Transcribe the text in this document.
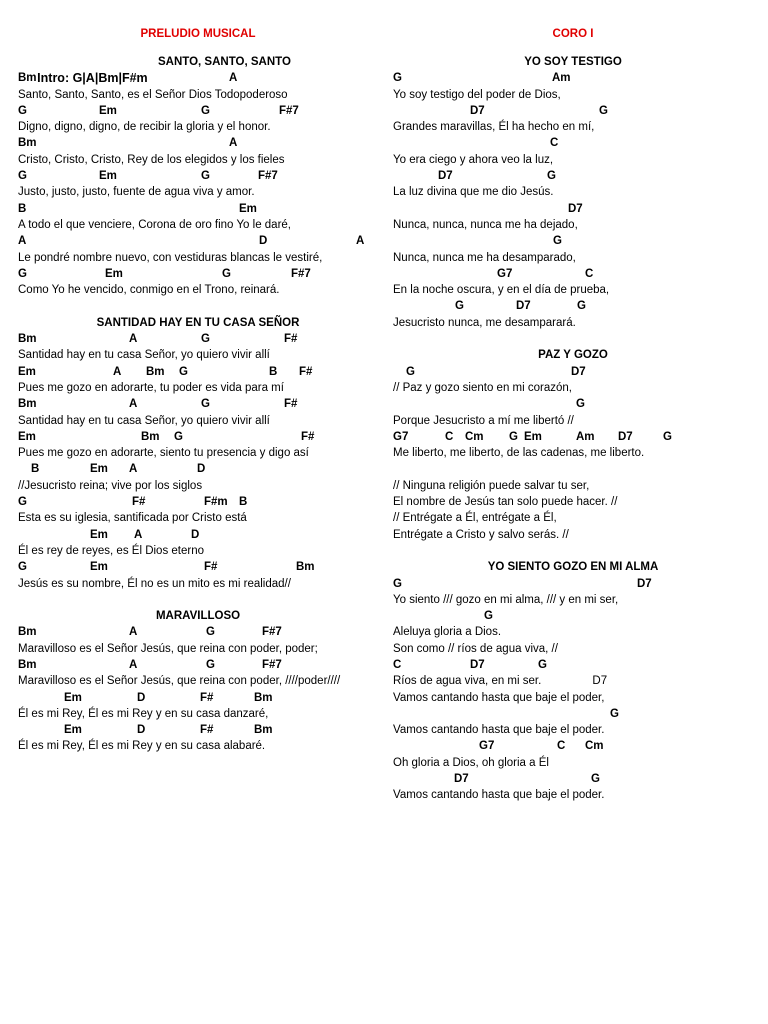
PRELUDIO MUSICAL

Intro: G|A|Bm|F#m

SANTO, SANTO, SANTO

Bm	A
Santo, Santo, Santo, es el Señor Dios Todopoderoso
G	Em	G	F#7
Digno, digno, digno, de recibir la gloria y el honor.
Bm	A
Cristo, Cristo, Cristo, Rey de los elegidos y los fieles
G	Em	G	F#7
Justo, justo, justo, fuente de agua viva y amor.
B	Em
A todo el que venciere, Corona de oro fino Yo le daré,
A	D	A
Le pondré nombre nuevo, con vestiduras blancas le vestiré,
G	Em	G	F#7
Como Yo he vencido, conmigo en el Trono, reinará.
SANTIDAD HAY EN TU CASA SEÑOR
Bm	A	G	F#
Santidad hay en tu casa Señor, yo quiero vivir allí
Em	A Bm G	B F#
Pues me gozo en adorarte, tu poder es vida para mí
Bm	A	G	F#
Santidad hay en tu casa Señor, yo quiero vivir allí
Em	Bm G	F#
Pues me gozo en adorarte, siento tu presencia y digo así
B	Em A	D
//Jesucristo reina; vive por los siglos
G	F#	F#m B
Esta es su iglesia, santificada por Cristo está
Em A	D
Él es rey de reyes, es Él Dios eterno
G	Em	F#	Bm
Jesús es su nombre, Él no es un mito es mi realidad//
MARAVILLOSO
Bm	A	G	F#7
Maravilloso es el Señor Jesús, que reina con poder, poder;
Bm	A	G	F#7
Maravilloso es el Señor Jesús, que reina con poder, ////poder////
Em	D	F#	Bm
Él es mi Rey, Él es mi Rey y en su casa danzaré,
Em	D	F#	Bm
Él es mi Rey, Él es mi Rey y en su casa alabaré.
CORO I
YO SOY TESTIGO
G	Am
Yo soy testigo del poder de Dios,
D7	G
Grandes maravillas, Él ha hecho en mí,
C
Yo era ciego y ahora veo la luz,
D7	G
La luz divina que me dio Jesús.
D7
Nunca, nunca, nunca me ha dejado,
G
Nunca, nunca me ha desamparado,
G7	C
En la noche oscura, y en el día de prueba,
G	D7	G
Jesucristo nunca, me desamparará.
PAZ Y GOZO
G	D7
// Paz y gozo siento en mi corazón,
G
Porque Jesucristo a mí me libertó //
G7	C Cm G Em	Am D7	G
Me liberto, me liberto, de las cadenas, me liberto.
// Ninguna religión puede salvar tu ser,
El nombre de Jesús tan solo puede hacer. //
// Entrégate a Él, entrégate a Él,
Entrégate a Cristo y salvo serás. //
YO SIENTO GOZO EN MI ALMA
G	D7
Yo siento /// gozo en mi alma, /// y en mi ser,
G
Aleluya gloria a Dios.
Son como // ríos de agua viva, //
C	D7	G
Ríos de agua viva, en mi ser.                D7
Vamos cantando hasta que baje el poder,
G
Vamos cantando hasta que baje el poder.
G7	C Cm
Oh gloria a Dios, oh gloria a Él
D7	G
Vamos cantando hasta que baje el poder.
